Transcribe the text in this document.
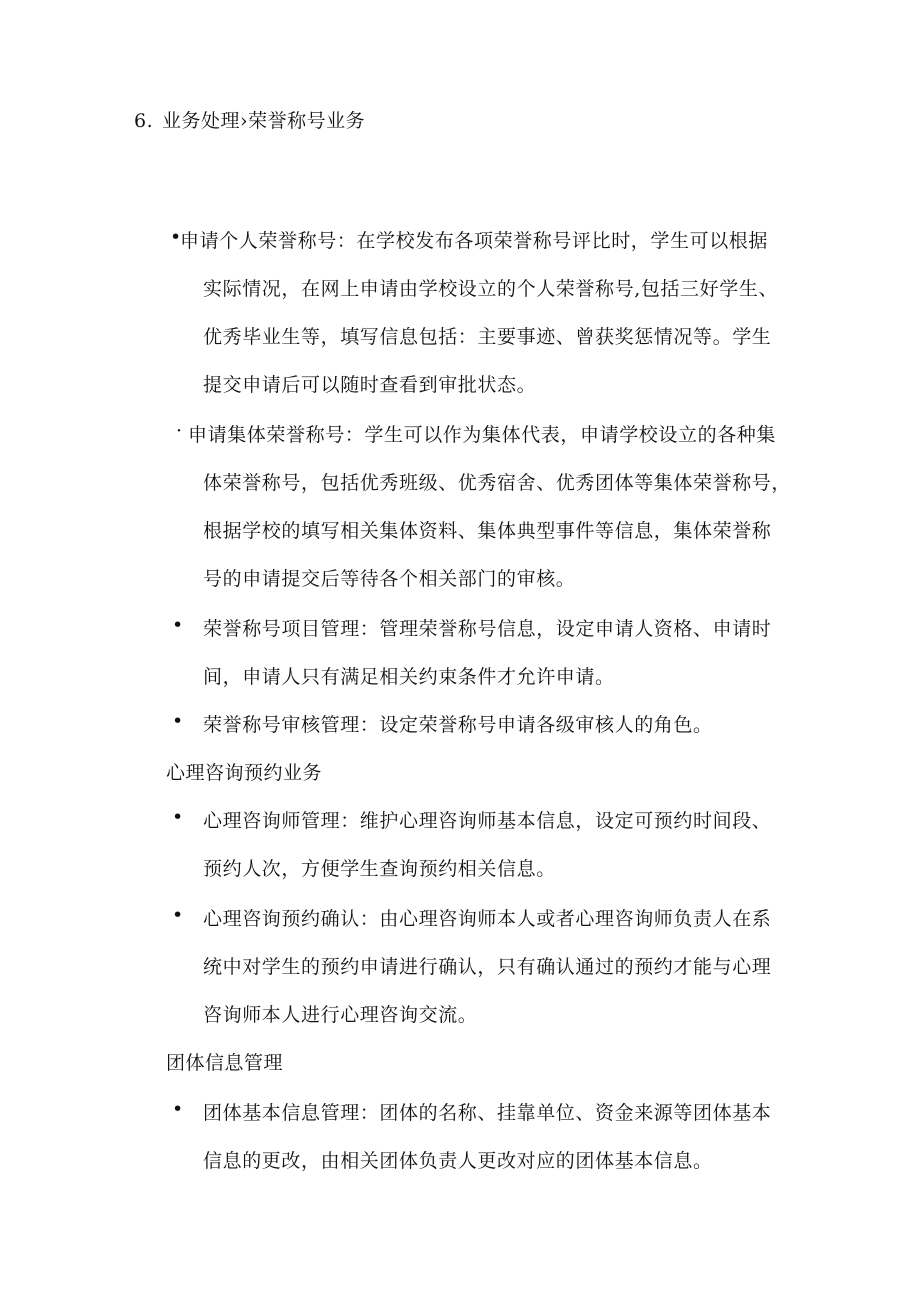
6. 业务处理›荣誉称号业务
•
申请个人荣誉称号：在学校发布各项荣誉称号评比时，学生可以根据
实际情况，在网上申请由学校设立的个人荣誉称号,包括三好学生、
优秀毕业生等，填写信息包括：主要事迹、曾获奖惩情况等。学生
提交申请后可以随时查看到审批状态。
· 申请集体荣誉称号：学生可以作为集体代表，申请学校设立的各种集
体荣誉称号，包括优秀班级、优秀宿舍、优秀团体等集体荣誉称号，
根据学校的填写相关集体资料、集体典型事件等信息，集体荣誉称
号的申请提交后等待各个相关部门的审核。
• 荣誉称号项目管理：管理荣誉称号信息，设定申请人资格、申请时
间，申请人只有满足相关约束条件才允许申请。
• 荣誉称号审核管理：设定荣誉称号申请各级审核人的角色。
心理咨询预约业务
• 心理咨询师管理：维护心理咨询师基本信息，设定可预约时间段、
预约人次，方便学生查询预约相关信息。
• 心理咨询预约确认：由心理咨询师本人或者心理咨询师负责人在系
统中对学生的预约申请进行确认，只有确认通过的预约才能与心理
咨询师本人进行心理咨询交流。
团体信息管理
• 团体基本信息管理：团体的名称、挂靠单位、资金来源等团体基本
信息的更改，由相关团体负责人更改对应的团体基本信息。
